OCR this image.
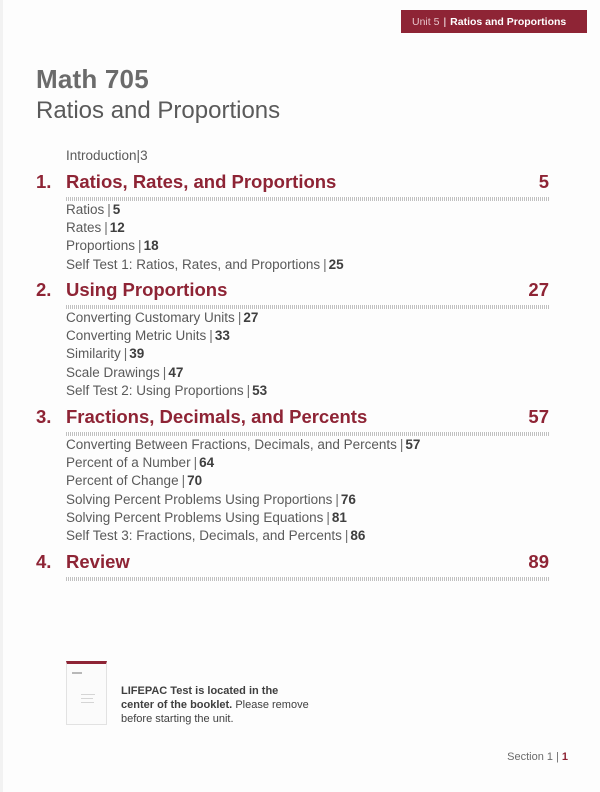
Unit 5 | Ratios and Proportions
Math 705
Ratios and Proportions
Introduction|3
1. Ratios, Rates, and Proportions	5
Ratios | 5
Rates | 12
Proportions | 18
Self Test 1: Ratios, Rates, and Proportions | 25
2. Using Proportions	27
Converting Customary Units | 27
Converting Metric Units | 33
Similarity | 39
Scale Drawings | 47
Self Test 2: Using Proportions | 53
3. Fractions, Decimals, and Percents	57
Converting Between Fractions, Decimals, and Percents | 57
Percent of a Number | 64
Percent of Change | 70
Solving Percent Problems Using Proportions | 76
Solving Percent Problems Using Equations | 81
Self Test 3: Fractions, Decimals, and Percents | 86
4. Review	89
LIFEPAC Test is located in the
center of the booklet. Please remove before starting the unit.
Section 1 | 1
